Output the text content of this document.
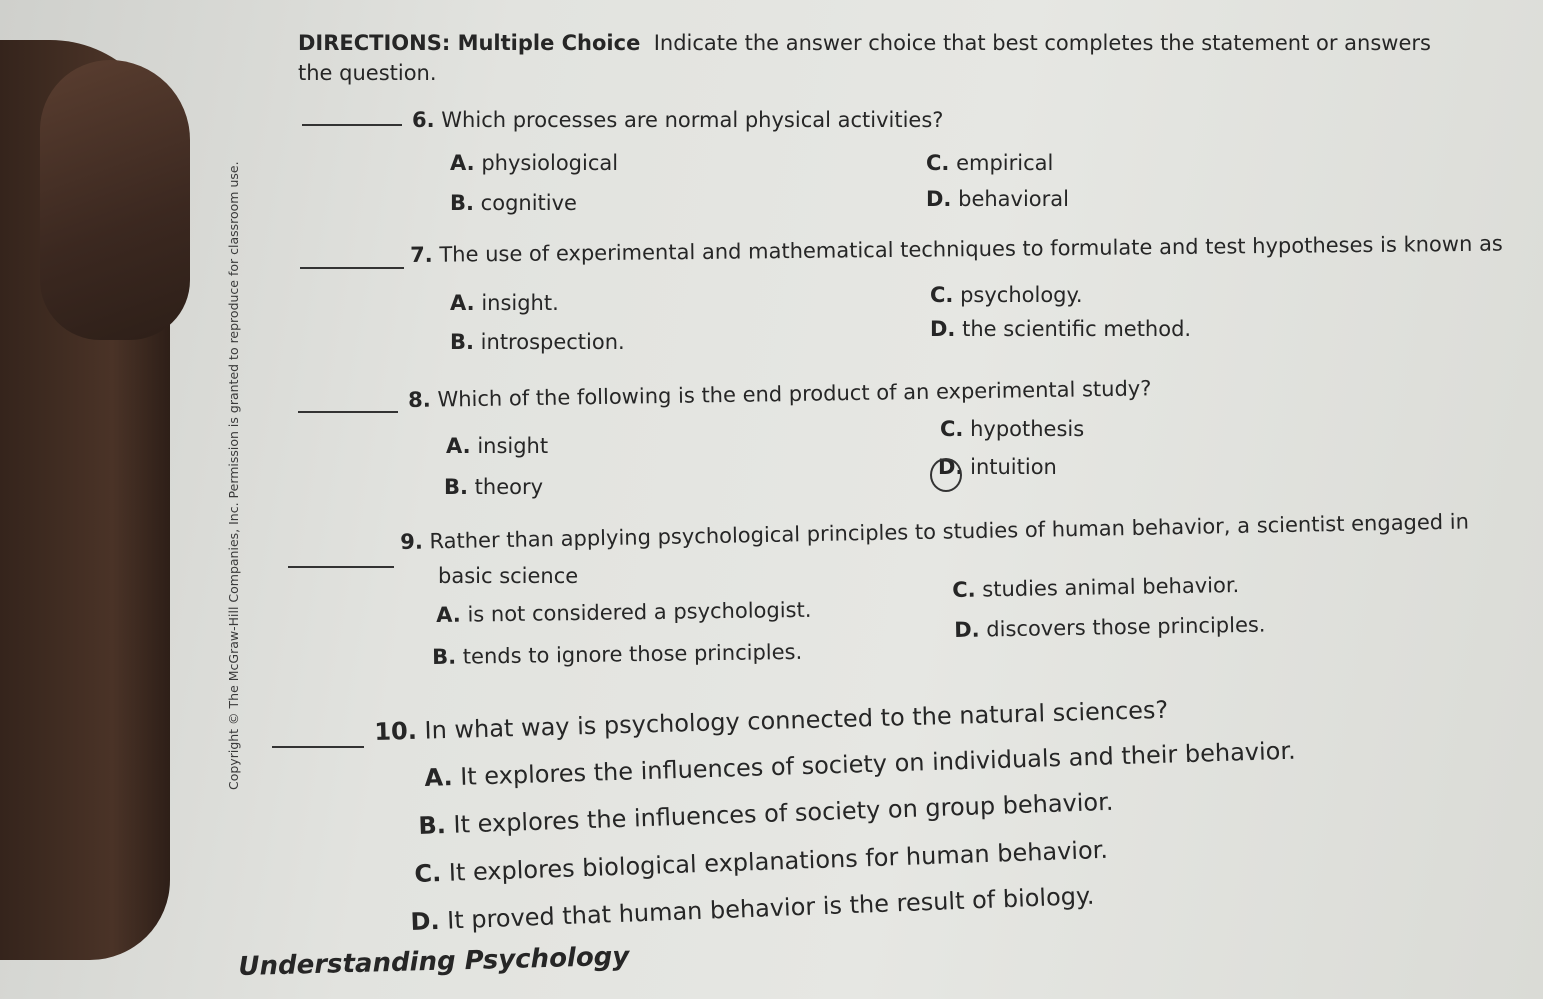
Copyright © The McGraw-Hill Companies, Inc. Permission is granted to reproduce for classroom use.
DIRECTIONS: Multiple Choice Indicate the answer choice that best completes the statement or answers
the question.
6. Which processes are normal physical activities?
A. physiological
B. cognitive
C. empirical
D. behavioral
7. The use of experimental and mathematical techniques to formulate and test hypotheses is known as
A. insight.
B. introspection.
C. psychology.
D. the scientific method.
8. Which of the following is the end product of an experimental study?
A. insight
B. theory
C. hypothesis
D. intuition
9. Rather than applying psychological principles to studies of human behavior, a scientist engaged in
basic science
A. is not considered a psychologist.
B. tends to ignore those principles.
C. studies animal behavior.
D. discovers those principles.
10. In what way is psychology connected to the natural sciences?
A. It explores the influences of society on individuals and their behavior.
B. It explores the influences of society on group behavior.
C. It explores biological explanations for human behavior.
D. It proved that human behavior is the result of biology.
Understanding Psychology
